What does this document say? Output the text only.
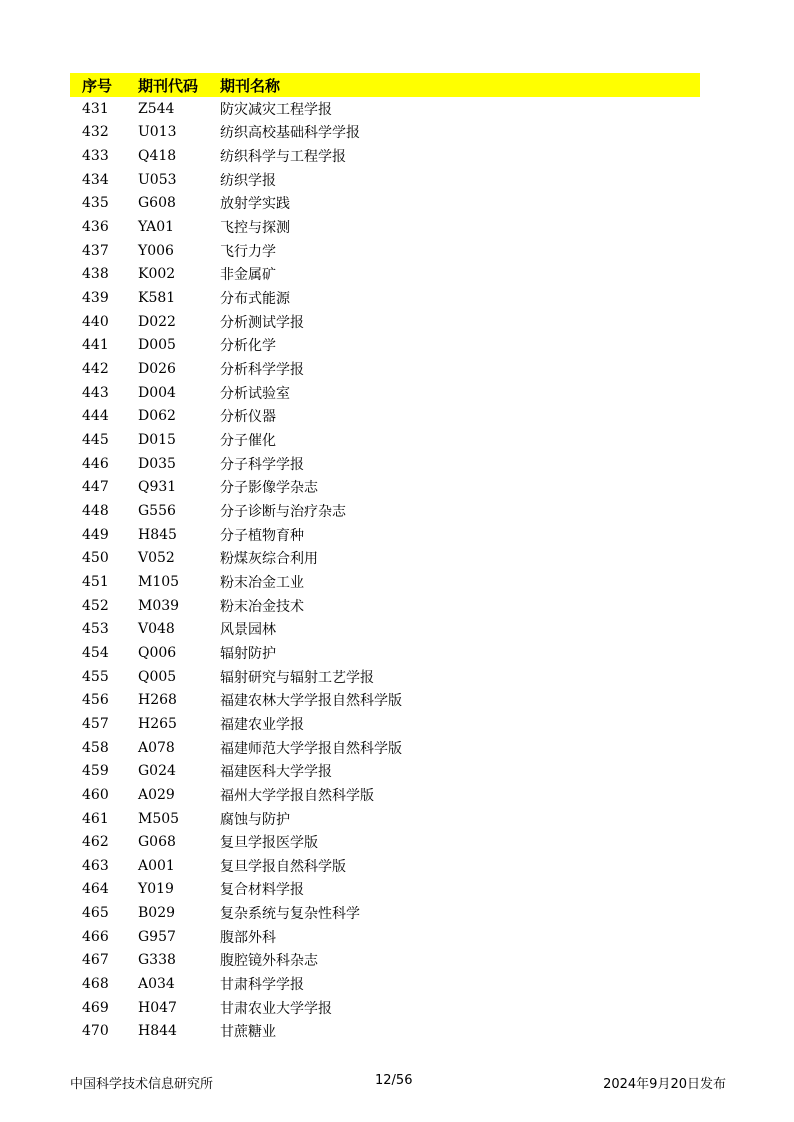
序号 期刊代码 期刊名称
431 Z544	防灾减灾工程学报
432 U013	纺织高校基础科学学报
433 Q418	纺织科学与工程学报
434 U053	纺织学报
435 G608	放射学实践
436 YA01	飞控与探测
437 Y006	飞行力学
438 K002	非金属矿
439 K581	分布式能源
440 D022	分析测试学报
441 D005	分析化学
442 D026	分析科学学报
443 D004	分析试验室
444 D062	分析仪器
445 D015	分子催化
446 D035	分子科学学报
447 Q931	分子影像学杂志
448 G556	分子诊断与治疗杂志
449 H845	分子植物育种
450 V052	粉煤灰综合利用
451 M105	粉末冶金工业
452 M039	粉末冶金技术
453 V048	风景园林
454 Q006	辐射防护
455 Q005	辐射研究与辐射工艺学报
456 H268	福建农林大学学报自然科学版
457 H265	福建农业学报
458 A078	福建师范大学学报自然科学版
459 G024	福建医科大学学报
460 A029	福州大学学报自然科学版
461 M505	腐蚀与防护
462 G068	复旦学报医学版
463 A001	复旦学报自然科学版
464 Y019	复合材料学报
465 B029	复杂系统与复杂性科学
466 G957	腹部外科
467 G338	腹腔镜外科杂志
468 A034	甘肃科学学报
469 H047	甘肃农业大学学报
470 H844	甘蔗糖业
中国科学技术信息研究所	12/56	2024年9月20日发布
